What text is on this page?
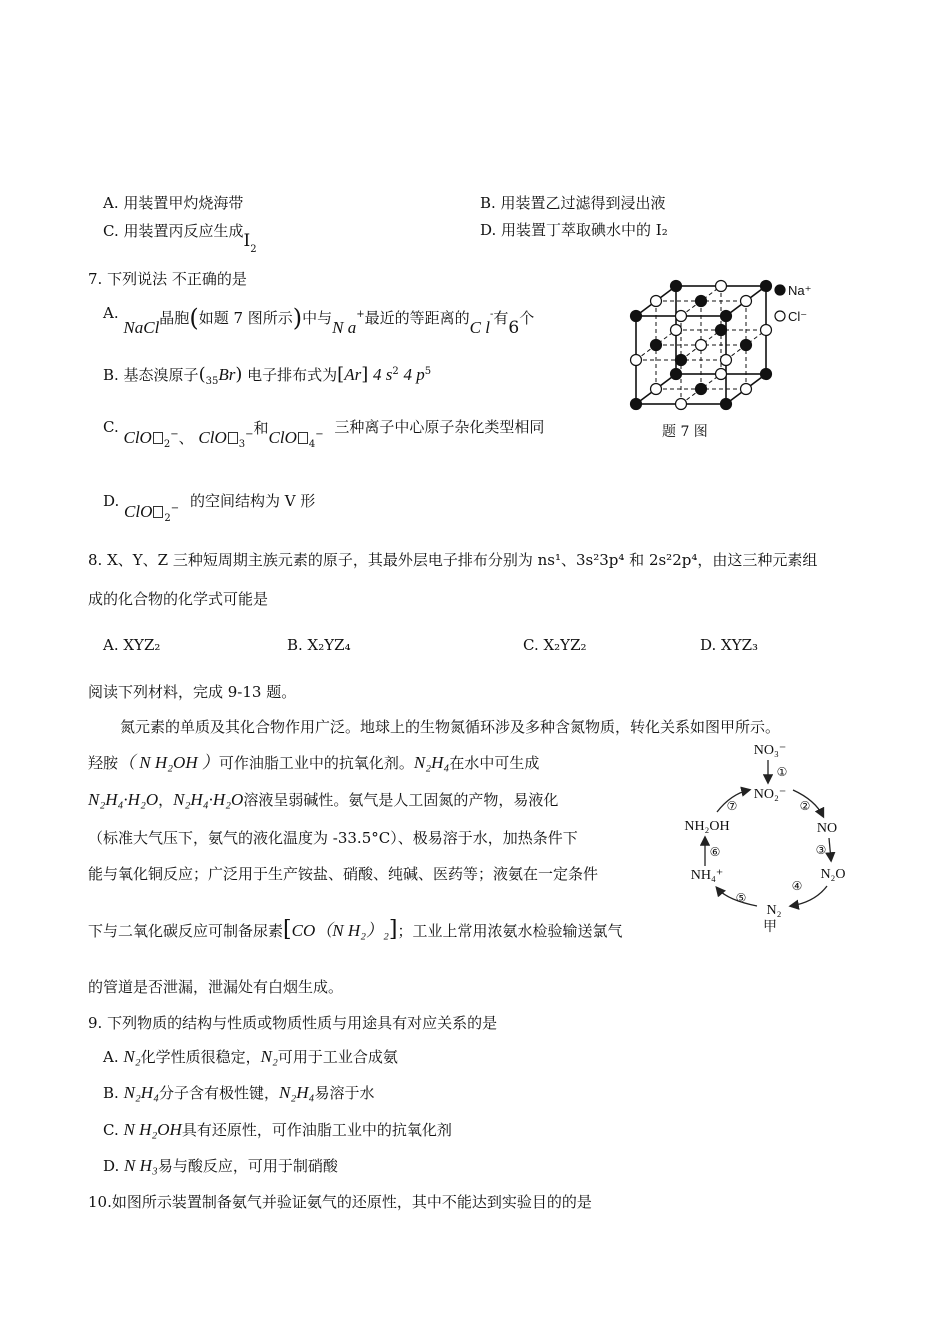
A. 用装置甲灼烧海带	B. 用装置乙过滤得到浸出液
C. 用装置丙反应生成$I_2$
D. 用装置丁萃取碘水中的 I₂
7. 下列说法 不正确的是
A. NaCl晶胞(如题 7 图所示)中与N a+最近的等距离的C l-有6个
B. 基态溴原子$(_{35}Br)$ 电子排布式为[Ar] 4 $s^2$ 4 $p^5$
C. ClO $_2$−、 ClO $_3$−和ClO $_4$− 三种离子中心原子杂化类型相同
D. ClO $_2$− 的空间结构为 V 形
Na⁺
Cl⁻
题 7 图
8. X、Y、Z 三种短周期主族元素的原子，其最外层电子排布分别为 ns¹、3s²3p⁴ 和 2s²2p⁴，由这三种元素组
成的化合物的化学式可能是
A. XYZ₂	B. X₂YZ₄	C. X₂YZ₂	D. XYZ₃
阅读下列材料，完成 9-13 题。
氮元素的单质及其化合物作用广泛。地球上的生物氮循环涉及多种含氮物质，转化关系如图甲所示。
羟胺（ N H₂OH ）可作油脂工业中的抗氧化剂。N₂H₄在水中可生成
N₂H₄·H₂O，N₂H₄·H₂O溶液呈弱碱性。氨气是人工固氮的产物，易液化
（标准大气压下，氨气的液化温度为 -33.5°C）、极易溶于水，加热条件下
能与氧化铜反应；广泛用于生产铵盐、硝酸、纯碱、医药等；液氨在一定条件
下与二氧化碳反应可制备尿素[CO（N H₂）₂]；工业上常用浓氨水检验输送氯气
的管道是否泄漏，泄漏处有白烟生成。
NO₃⁻
NO₂⁻
NO
N₂O
N₂
甲
NH₄⁺
NH₂OH
①
②
③
④
⑤
⑥
⑦
9. 下列物质的结构与性质或物质性质与用途具有对应关系的是
A. N₂化学性质很稳定，N₂可用于工业合成氨
B. N₂H₄分子含有极性键，N₂H₄易溶于水
C. N H₂OH具有还原性，可作油脂工业中的抗氧化剂
D. N H₃易与酸反应，可用于制硝酸
10.如图所示装置制备氨气并验证氨气的还原性，其中不能达到实验目的的是
